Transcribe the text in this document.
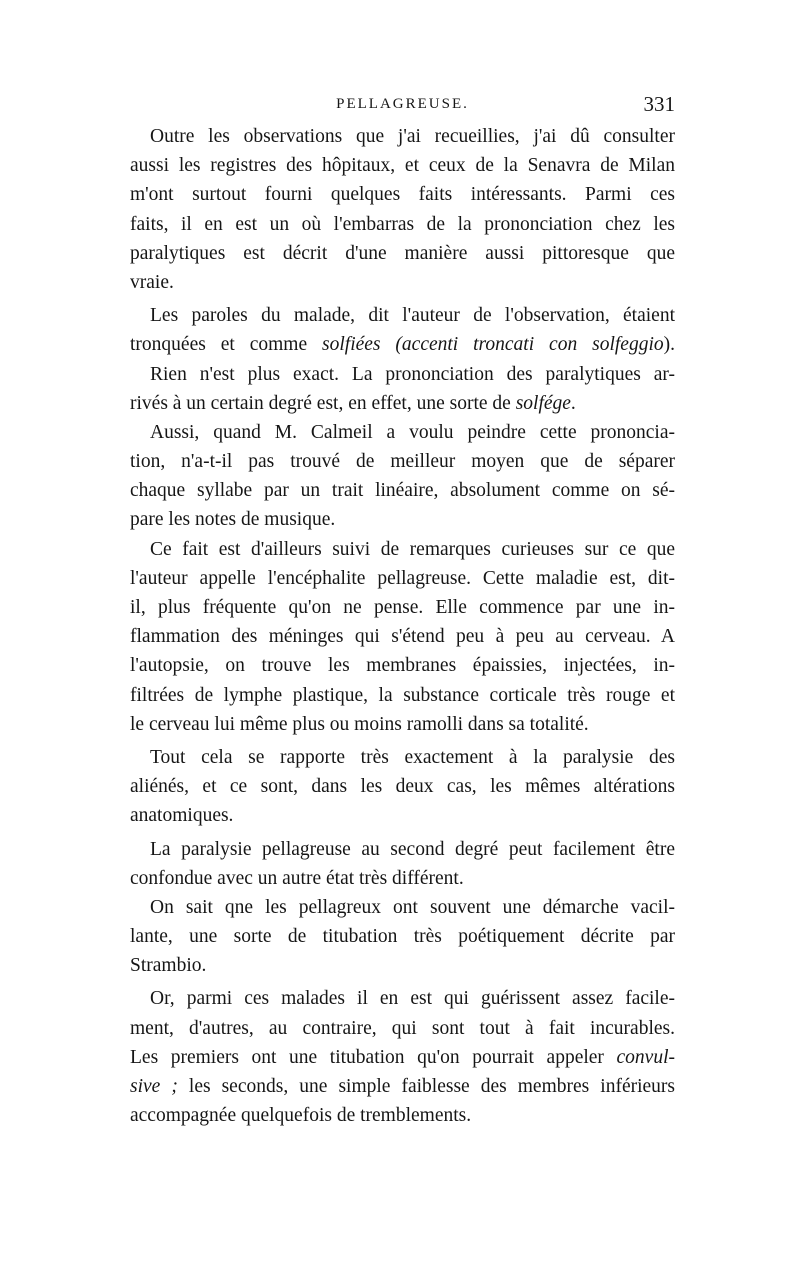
PELLAGREUSE.	331
Outre les observations que j'ai recueillies, j'ai dû consulter
aussi les registres des hôpitaux, et ceux de la Senavra de Milan
m'ont surtout fourni quelques faits intéressants. Parmi ces
faits, il en est un où l'embarras de la prononciation chez les
paralytiques est décrit d'une manière aussi pittoresque que
vraie.
Les paroles du malade, dit l'auteur de l'observation, étaient
tronquées et comme solfiées (accenti troncati con solfeggio).
Rien n'est plus exact. La prononciation des paralytiques ar-
rivés à un certain degré est, en effet, une sorte de solfége.
Aussi, quand M. Calmeil a voulu peindre cette prononcia-
tion, n'a-t-il pas trouvé de meilleur moyen que de séparer
chaque syllabe par un trait linéaire, absolument comme on sé-
pare les notes de musique.
Ce fait est d'ailleurs suivi de remarques curieuses sur ce que
l'auteur appelle l'encéphalite pellagreuse. Cette maladie est, dit-
il, plus fréquente qu'on ne pense. Elle commence par une in-
flammation des méninges qui s'étend peu à peu au cerveau. A
l'autopsie, on trouve les membranes épaissies, injectées, in-
filtrées de lymphe plastique, la substance corticale très rouge et
le cerveau lui même plus ou moins ramolli dans sa totalité.
Tout cela se rapporte très exactement à la paralysie des
aliénés, et ce sont, dans les deux cas, les mêmes altérations
anatomiques.
La paralysie pellagreuse au second degré peut facilement être
confondue avec un autre état très différent.
On sait qne les pellagreux ont souvent une démarche vacil-
lante, une sorte de titubation très poétiquement décrite par
Strambio.
Or, parmi ces malades il en est qui guérissent assez facile-
ment, d'autres, au contraire, qui sont tout à fait incurables.
Les premiers ont une titubation qu'on pourrait appeler convul-
sive ; les seconds, une simple faiblesse des membres inférieurs
accompagnée quelquefois de tremblements.
